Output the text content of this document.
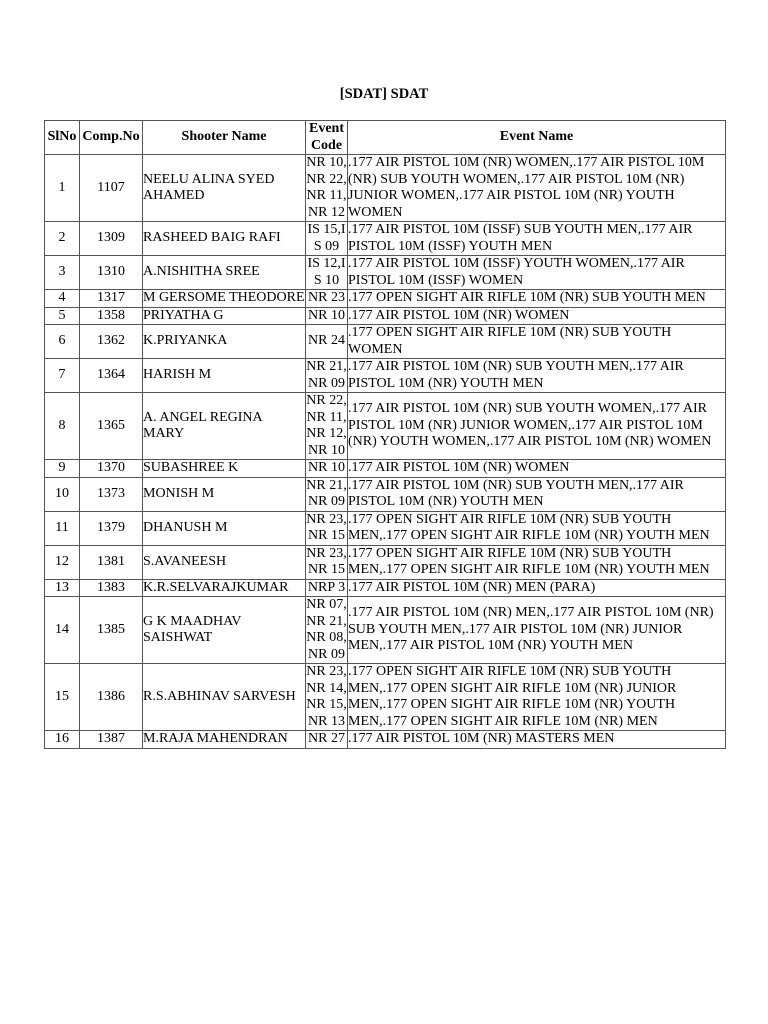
[SDAT] SDAT
SlNo	Comp.No	Shooter Name	Event Code	Event Name
1	1107	NEELU ALINA SYED AHAMED	NR 10,NR 22,NR 11,NR 12	.177 AIR PISTOL 10M (NR) WOMEN,.177 AIR PISTOL 10M (NR) SUB YOUTH WOMEN,.177 AIR PISTOL 10M (NR) JUNIOR WOMEN,.177 AIR PISTOL 10M (NR) YOUTH WOMEN
2	1309	RASHEED BAIG RAFI	IS 15,IS 09	.177 AIR PISTOL 10M (ISSF) SUB YOUTH MEN,.177 AIR PISTOL 10M (ISSF) YOUTH MEN
3	1310	A.NISHITHA SREE	IS 12,IS 10	.177 AIR PISTOL 10M (ISSF) YOUTH WOMEN,.177 AIR PISTOL 10M (ISSF) WOMEN
4	1317	M GERSOME THEODORE	NR 23	.177 OPEN SIGHT AIR RIFLE 10M (NR) SUB YOUTH MEN
5	1358	PRIYATHA G	NR 10	.177 AIR PISTOL 10M (NR) WOMEN
6	1362	K.PRIYANKA	NR 24	.177 OPEN SIGHT AIR RIFLE 10M (NR) SUB YOUTH WOMEN
7	1364	HARISH M	NR 21,NR 09	.177 AIR PISTOL 10M (NR) SUB YOUTH MEN,.177 AIR PISTOL 10M (NR) YOUTH MEN
8	1365	A. ANGEL REGINA MARY	NR 22,NR 11,NR 12,NR 10	.177 AIR PISTOL 10M (NR) SUB YOUTH WOMEN,.177 AIR PISTOL 10M (NR) JUNIOR WOMEN,.177 AIR PISTOL 10M (NR) YOUTH WOMEN,.177 AIR PISTOL 10M (NR) WOMEN
9	1370	SUBASHREE K	NR 10	.177 AIR PISTOL 10M (NR) WOMEN
10	1373	MONISH M	NR 21,NR 09	.177 AIR PISTOL 10M (NR) SUB YOUTH MEN,.177 AIR PISTOL 10M (NR) YOUTH MEN
11	1379	DHANUSH M	NR 23,NR 15	.177 OPEN SIGHT AIR RIFLE 10M (NR) SUB YOUTH MEN,.177 OPEN SIGHT AIR RIFLE 10M (NR) YOUTH MEN
12	1381	S.AVANEESH	NR 23,NR 15	.177 OPEN SIGHT AIR RIFLE 10M (NR) SUB YOUTH MEN,.177 OPEN SIGHT AIR RIFLE 10M (NR) YOUTH MEN
13	1383	K.R.SELVARAJKUMAR	NRP 3	.177 AIR PISTOL 10M (NR) MEN (PARA)
14	1385	G K MAADHAV SAISHWAT	NR 07,NR 21,NR 08,NR 09	.177 AIR PISTOL 10M (NR) MEN,.177 AIR PISTOL 10M (NR) SUB YOUTH MEN,.177 AIR PISTOL 10M (NR) JUNIOR MEN,.177 AIR PISTOL 10M (NR) YOUTH MEN
15	1386	R.S.ABHINAV SARVESH	NR 23,NR 14,NR 15,NR 13	.177 OPEN SIGHT AIR RIFLE 10M (NR) SUB YOUTH MEN,.177 OPEN SIGHT AIR RIFLE 10M (NR) JUNIOR MEN,.177 OPEN SIGHT AIR RIFLE 10M (NR) YOUTH MEN,.177 OPEN SIGHT AIR RIFLE 10M (NR) MEN
16	1387	M.RAJA MAHENDRAN	NR 27	.177 AIR PISTOL 10M (NR) MASTERS MEN
